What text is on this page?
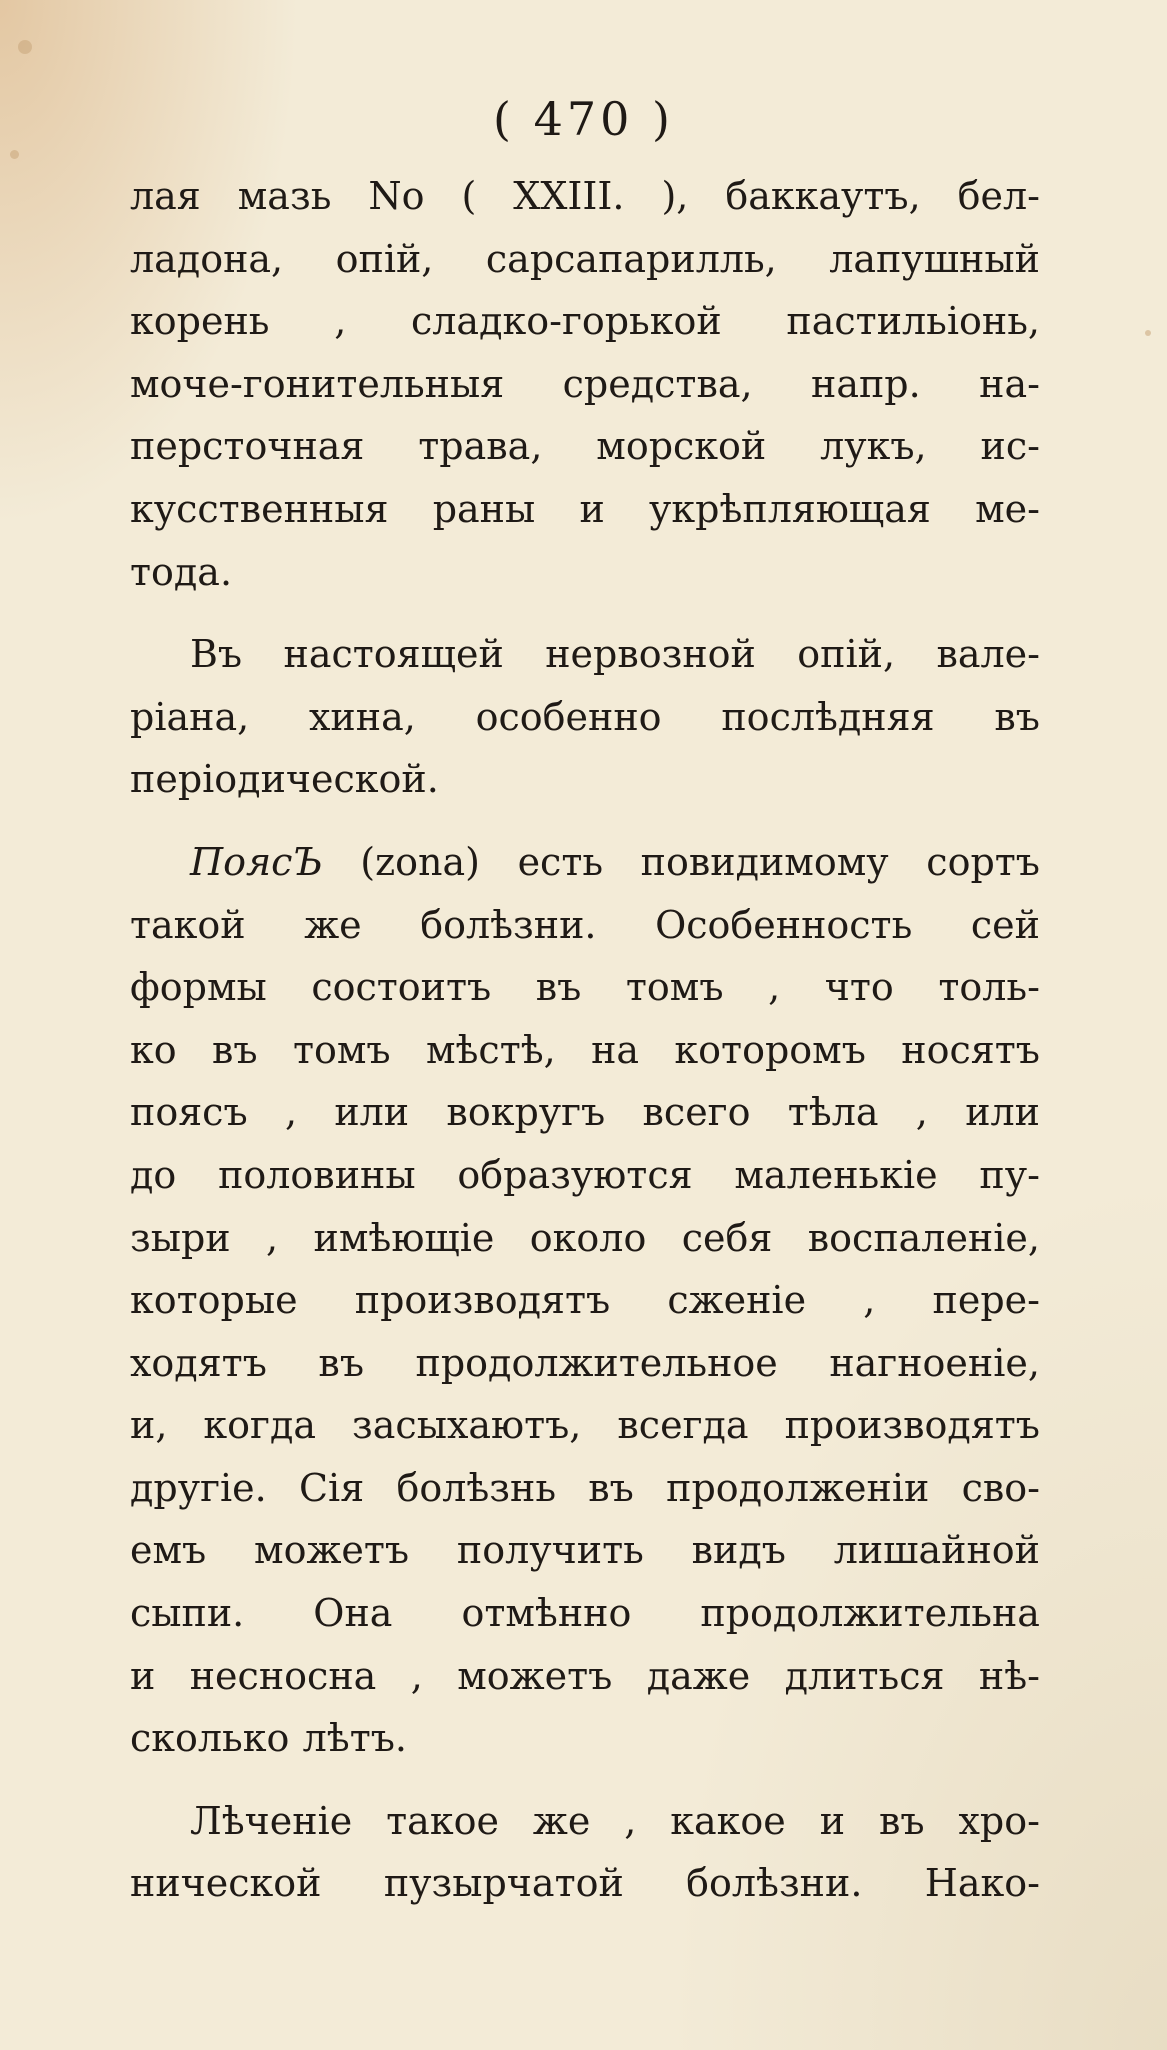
( 470 )
лая мазь No ( XXIII. ), баккаутъ, бел-
ладона, опiй, сарсапарилль, лапушный
корень , сладко-горькой пастильiонь,
моче-гонительныя средства, напр. на-
персточная трава, морской лукъ, ис-
кусственныя раны и укрѣпляющая ме-
тода.
Въ настоящей нервозной опiй, вале-
рiана, хина, особенно послѣдняя въ
перiодической.
ПоясЪ (zona) есть повидимому сортъ
такой же болѣзни. Особенность сей
формы состоитъ въ томъ , что толь-
ко въ томъ мѣстѣ, на которомъ носятъ
поясъ , или вокругъ всего тѣла , или
до половины образуются маленькiе пу-
зыри , имѣющiе около себя воспаленiе,
которые производятъ сженiе , пере-
ходятъ въ продолжительное нагноенiе,
и, когда засыхаютъ, всегда производятъ
другiе. Сiя болѣзнь въ продолженiи сво-
емъ можетъ получить видъ лишайной
сыпи. Она отмѣнно продолжительна
и несносна , можетъ даже длиться нѣ-
сколько лѣтъ.
Лѣченiе такое же , какое и въ хро-
нической пузырчатой болѣзни. Нако-
